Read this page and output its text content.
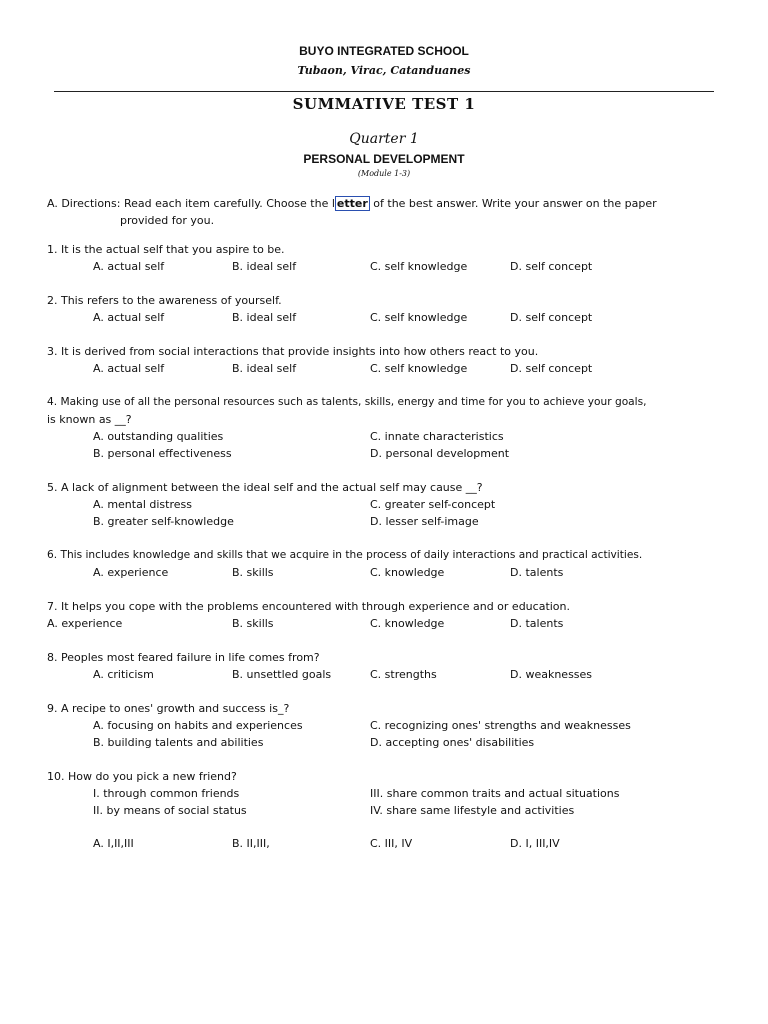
BUYO INTEGRATED SCHOOL
Tubaon, Virac, Catanduanes
SUMMATIVE TEST 1
Quarter 1
PERSONAL DEVELOPMENT
(Module 1-3)
A. Directions: Read each item carefully. Choose the l etter of the best answer. Write your answer on the paper
provided for you.
1. It is the actual self that you aspire to be.
A. actual self	B. ideal self	C. self knowledge	D. self concept
2. This refers to the awareness of yourself.
A. actual self	B. ideal self	C. self knowledge	D. self concept
3. It is derived from social interactions that provide insights into how others react to you.
A. actual self	B. ideal self	C. self knowledge	D. self concept
4. Making use of all the personal resources such as talents, skills, energy and time for you to achieve your goals,
is known as __?
A. outstanding qualities	C. innate characteristics
B. personal effectiveness	D. personal development
5. A lack of alignment between the ideal self and the actual self may cause __?
A. mental distress	C. greater self-concept
B. greater self-knowledge	D. lesser self-image
6. This includes knowledge and skills that we acquire in the process of daily interactions and practical activities.
A. experience	B. skills	C. knowledge	D. talents
7. It helps you cope with the problems encountered with through experience and or education.
A. experience	B. skills	C. knowledge	D. talents
8. Peoples most feared failure in life comes from?
A. criticism	B. unsettled goals	C. strengths	D. weaknesses
9. A recipe to ones' growth and success is_?
A. focusing on habits and experiences	C. recognizing ones' strengths and weaknesses
B. building talents and abilities	D. accepting ones' disabilities
10. How do you pick a new friend?
I. through common friends	III. share common traits and actual situations
II. by means of social status	IV. share same lifestyle and activities
A. I,II,III	B. II,III,	C. III, IV	D. I, III,IV
